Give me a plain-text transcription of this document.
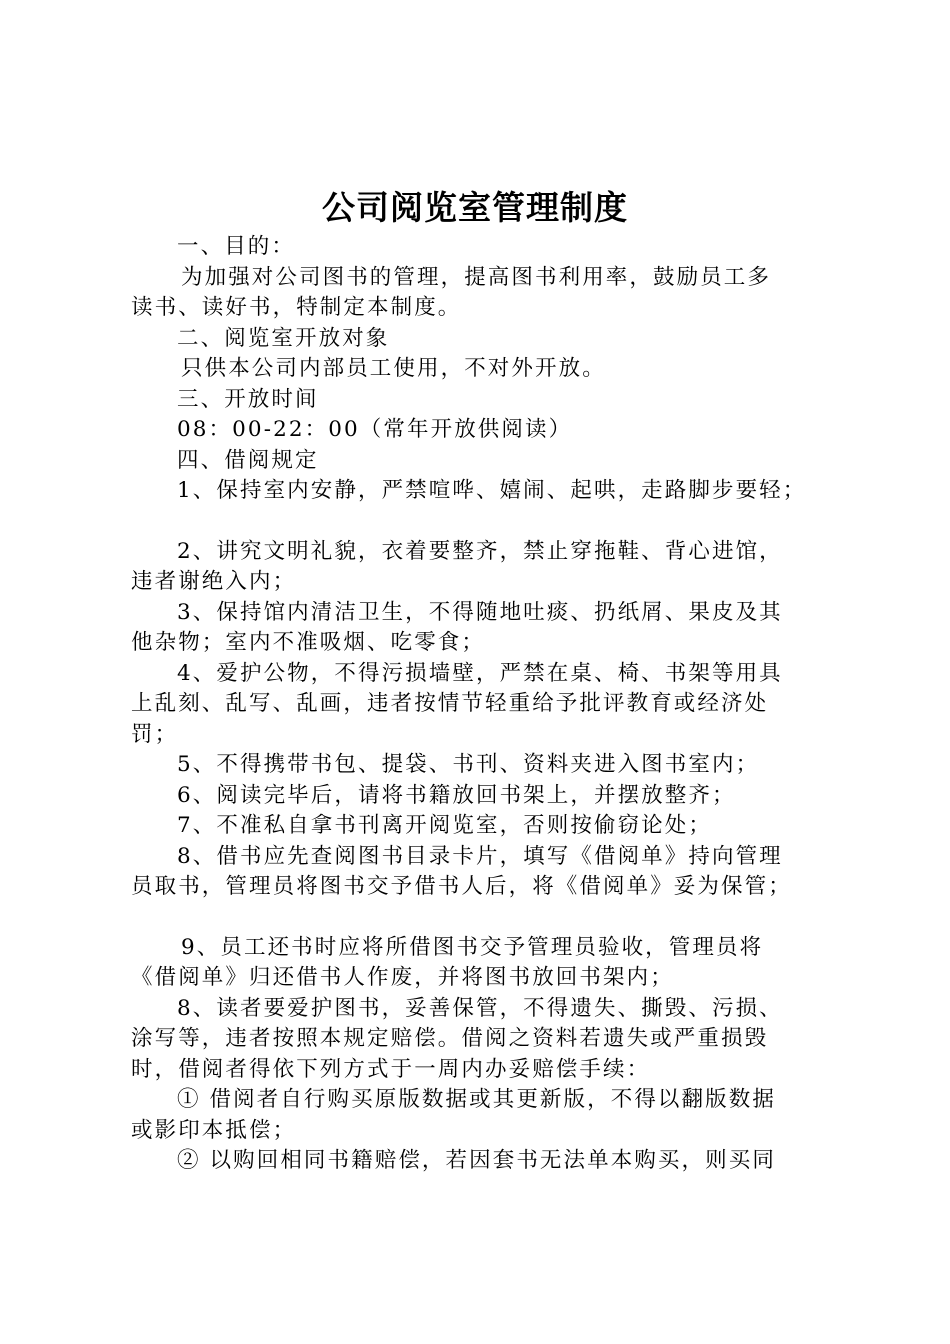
公司阅览室管理制度

一、目的：

为加强对公司图书的管理，提高图书利用率，鼓励员工多

读书、读好书，特制定本制度。

二、阅览室开放对象

只供本公司内部员工使用，不对外开放。

三、开放时间

08：00-22：00（常年开放供阅读）

四、借阅规定

1、保持室内安静，严禁喧哗、嬉闹、起哄，走路脚步要轻；

2、讲究文明礼貌，衣着要整齐，禁止穿拖鞋、背心进馆，

违者谢绝入内；

3、保持馆内清洁卫生，不得随地吐痰、扔纸屑、果皮及其

他杂物；室内不准吸烟、吃零食；

4、爱护公物，不得污损墙壁，严禁在桌、椅、书架等用具

上乱刻、乱写、乱画，违者按情节轻重给予批评教育或经济处

罚；

5、不得携带书包、提袋、书刊、资料夹进入图书室内；

6、阅读完毕后，请将书籍放回书架上，并摆放整齐；

7、不准私自拿书刊离开阅览室，否则按偷窃论处；

8、借书应先查阅图书目录卡片，填写《借阅单》持向管理

员取书，管理员将图书交予借书人后，将《借阅单》妥为保管；

9、员工还书时应将所借图书交予管理员验收，管理员将

《借阅单》归还借书人作废，并将图书放回书架内；

8、读者要爱护图书，妥善保管，不得遗失、撕毁、污损、

涂写等，违者按照本规定赔偿。借阅之资料若遗失或严重损毁

时，借阅者得依下列方式于一周内办妥赔偿手续：

① 借阅者自行购买原版数据或其更新版，不得以翻版数据

或影印本抵偿；

② 以购回相同书籍赔偿，若因套书无法单本购买，则买同
